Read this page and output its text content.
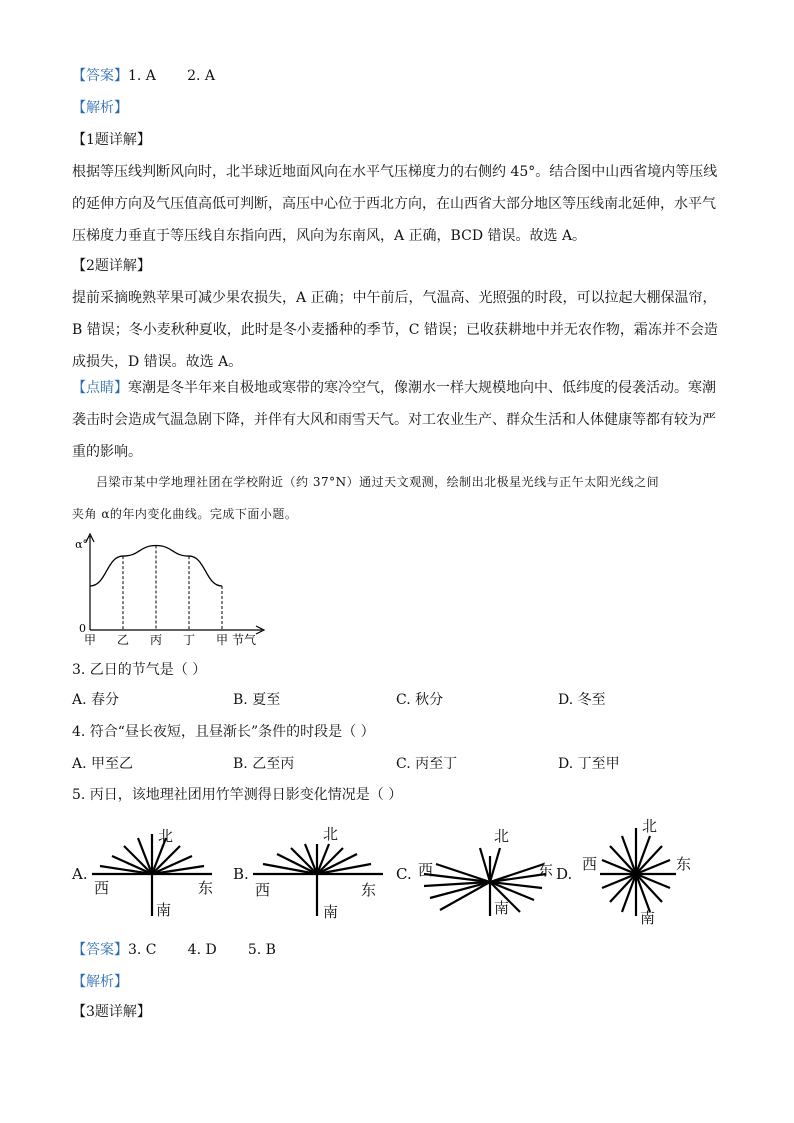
【答案】1. A       2. A
【解析】
【1题详解】
根据等压线判断风向时，北半球近地面风向在水平气压梯度力的右侧约 45°。结合图中山西省境内等压线
的延伸方向及气压值高低可判断，高压中心位于西北方向，在山西省大部分地区等压线南北延伸，水平气
压梯度力垂直于等压线自东指向西，风向为东南风，A 正确，BCD 错误。故选 A。
【2题详解】
提前采摘晚熟苹果可减少果农损失，A 正确；中午前后，气温高、光照强的时段，可以拉起大棚保温帘，
B 错误；冬小麦秋种夏收，此时是冬小麦播种的季节，C 错误；已收获耕地中并无农作物，霜冻并不会造
成损失，D 错误。故选 A。
【点睛】寒潮是冬半年来自极地或寒带的寒冷空气，像潮水一样大规模地向中、低纬度的侵袭活动。寒潮
袭击时会造成气温急剧下降，并伴有大风和雨雪天气。对工农业生产、群众生活和人体健康等都有较为严
重的影响。
吕梁市某中学地理社团在学校附近（约 37°N）通过天文观测，绘制出北极星光线与正午太阳光线之间
夹角 α的年内变化曲线。完成下面小题。
甲 乙 丙 丁 甲
α°
0
节气
3. 乙日的节气是（ ）
A. 春分	B. 夏至	C. 秋分	D. 冬至
4. 符合“昼长夜短，且昼渐长”条件的时段是（ ）
A. 甲至乙	B. 乙至丙	C. 丙至丁	D. 丁至甲
5. 丙日，该地理社团用竹竿测得日影变化情况是（ ）
A.
北
南
西	东
B.
北
南
西	东
C.
北
南
西	东 D.
北
南
西	东
【答案】3. C       4. D       5. B
【解析】
【3题详解】
